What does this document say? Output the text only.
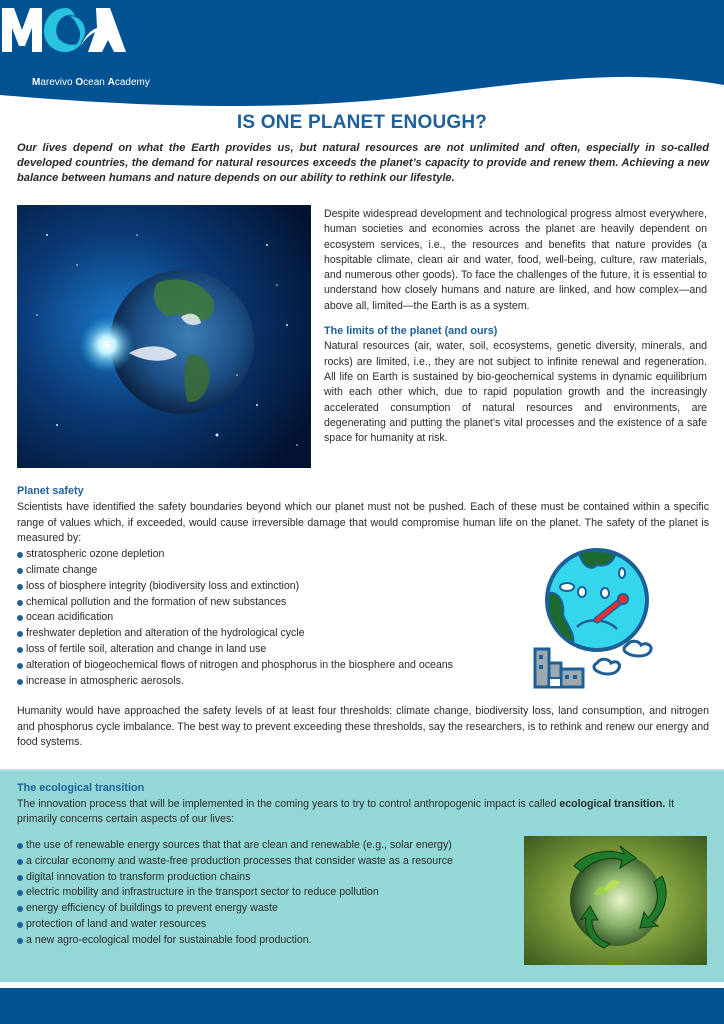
Marevivo Ocean Academy
IS ONE PLANET ENOUGH?
Our lives depend on what the Earth provides us, but natural resources are not unlimited and often, especially in so-called developed countries, the demand for natural resources exceeds the planet’s capacity to provide and renew them. Achieving a new balance between humans and nature depends on our ability to rethink our lifestyle.

Despite widespread development and technological progress almost everywhere, human societies and economies across the planet are heavily dependent on ecosystem services, i.e., the resources and benefits that nature provides (a hospitable climate, clean air and water, food, well-being, culture, raw materials, and numerous other goods). To face the challenges of the future, it is essential to understand how closely humans and nature are linked, and how complex—and above all, limited—the Earth is as a system.

The limits of the planet (and ours)

Natural resources (air, water, soil, ecosystems, genetic diversity, minerals, and rocks) are limited, i.e., they are not subject to infinite renewal and regeneration. All life on Earth is sustained by bio-geochemical systems in dynamic equilibrium with each other which, due to rapid population growth and the increasingly accelerated consumption of natural resources and environments, are degenerating and putting the planet’s vital processes and the existence of a safe space for humanity at risk.

Planet safety

Scientists have identified the safety boundaries beyond which our planet must not be pushed. Each of these must be contained within a specific range of values which, if exceeded, would cause irreversible damage that would compromise human life on the planet. The safety of the planet is measured by:

stratospheric ozone depletion
climate change
loss of biosphere integrity (biodiversity loss and extinction)
chemical pollution and the formation of new substances
ocean acidification
freshwater depletion and alteration of the hydrological cycle
loss of fertile soil, alteration and change in land use
alteration of biogeochemical flows of nitrogen and phosphorus in the biosphere and oceans
increase in atmospheric aerosols.

Humanity would have approached the safety levels of at least four thresholds: climate change, biodiversity loss, land consumption, and nitrogen and phosphorus cycle imbalance. The best way to prevent exceeding these thresholds, say the researchers, is to rethink and renew our energy and food systems.

The ecological transition

The innovation process that will be implemented in the coming years to try to control anthropogenic impact is called ecological transition. It primarily concerns certain aspects of our lives:

the use of renewable energy sources that that are clean and renewable (e.g., solar energy)
a circular economy and waste-free production processes that consider waste as a resource
digital innovation to transform production chains
electric mobility and infrastructure in the transport sector to reduce pollution
energy efficiency of buildings to prevent energy waste
protection of land and water resources
a new agro-ecological model for sustainable food production.
